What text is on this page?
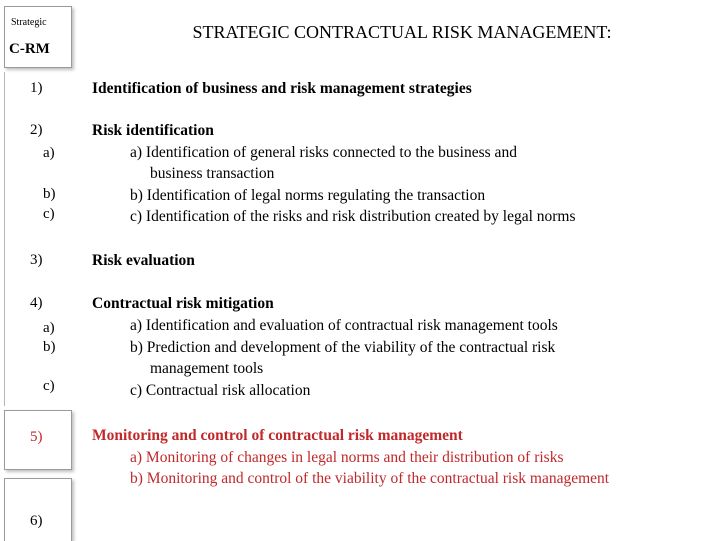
Strategic
C-RM
1)
2)
a)
b)
c)
3)
4)
a)
b)
c)
5)
6)
STRATEGIC CONTRACTUAL RISK MANAGEMENT:
Identification of business and risk management strategies
Risk identification
a) Identification of general risks connected to the business and
business transaction
b) Identification of legal norms regulating the transaction
c) Identification of the risks and risk distribution created by legal norms
Risk evaluation
Contractual risk mitigation
a) Identification and evaluation of contractual risk management tools
b) Prediction and development of the viability of the contractual risk
management tools
c) Contractual risk allocation
Monitoring and control of contractual risk management
a) Monitoring of changes in legal norms and their distribution of risks
b) Monitoring and control of the viability of the contractual risk management
